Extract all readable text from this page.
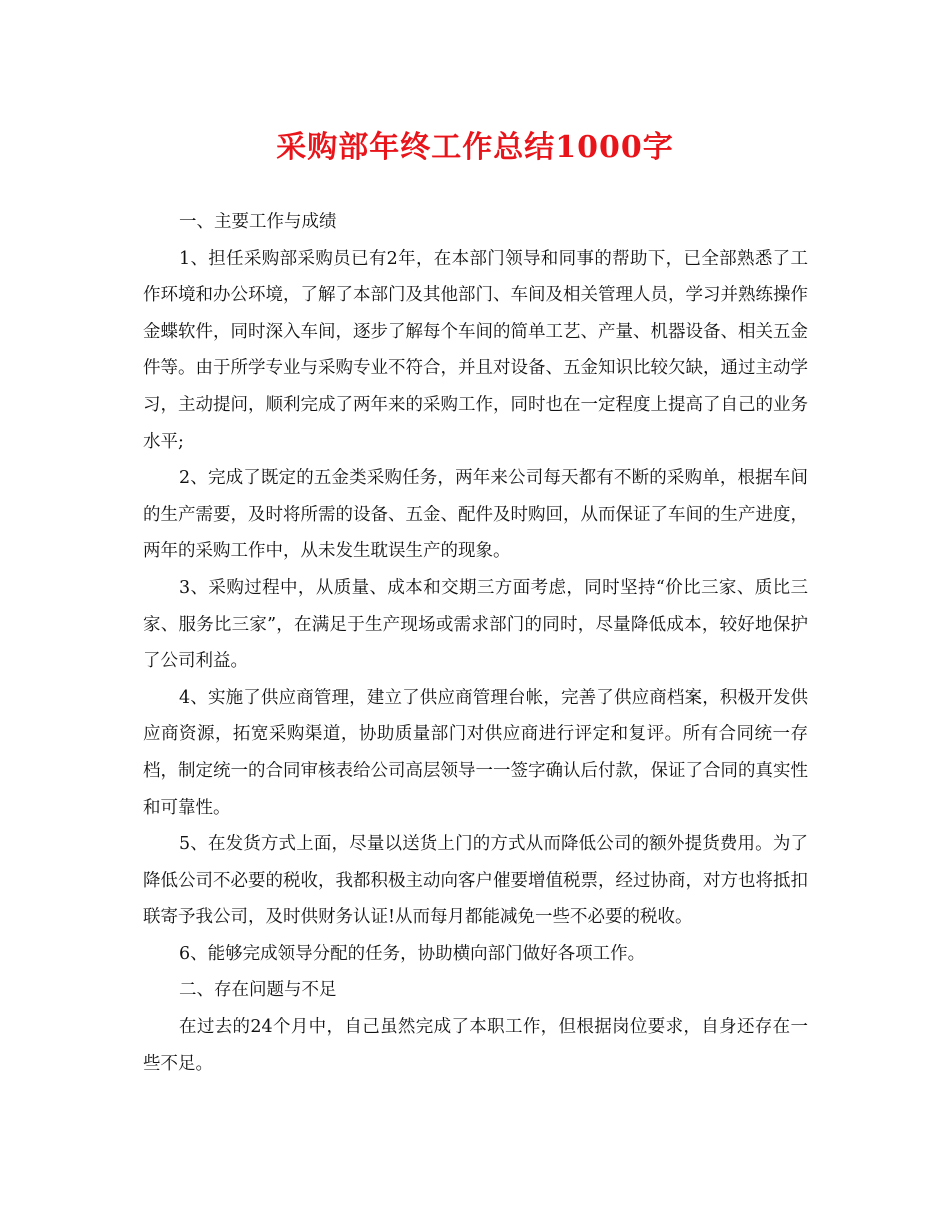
采购部年终工作总结1000字

一、主要工作与成绩

1、担任采购部采购员已有2年，在本部门领导和同事的帮助下，已全部熟悉了工作环境和办公环境，了解了本部门及其他部门、车间及相关管理人员，学习并熟练操作金蝶软件，同时深入车间，逐步了解每个车间的简单工艺、产量、机器设备、相关五金件等。由于所学专业与采购专业不符合，并且对设备、五金知识比较欠缺，通过主动学习，主动提问，顺利完成了两年来的采购工作，同时也在一定程度上提高了自己的业务水平;

2、完成了既定的五金类采购任务，两年来公司每天都有不断的采购单，根据车间的生产需要，及时将所需的设备、五金、配件及时购回，从而保证了车间的生产进度，两年的采购工作中，从未发生耽误生产的现象。

3、采购过程中，从质量、成本和交期三方面考虑，同时坚持“价比三家、质比三家、服务比三家”，在满足于生产现场或需求部门的同时，尽量降低成本，较好地保护了公司利益。

4、实施了供应商管理，建立了供应商管理台帐，完善了供应商档案，积极开发供应商资源，拓宽采购渠道，协助质量部门对供应商进行评定和复评。所有合同统一存档，制定统一的合同审核表给公司高层领导一一签字确认后付款，保证了合同的真实性和可靠性。

5、在发货方式上面，尽量以送货上门的方式从而降低公司的额外提货费用。为了降低公司不必要的税收，我都积极主动向客户催要增值税票，经过协商，对方也将抵扣联寄予我公司，及时供财务认证!从而每月都能减免一些不必要的税收。

6、能够完成领导分配的任务，协助横向部门做好各项工作。

二、存在问题与不足

在过去的24个月中，自己虽然完成了本职工作，但根据岗位要求，自身还存在一些不足。
